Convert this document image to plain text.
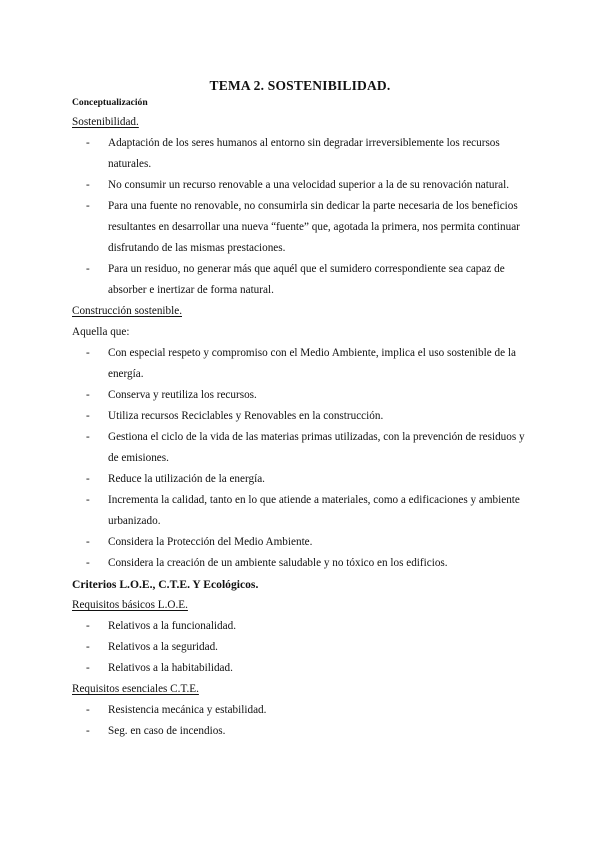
TEMA 2. SOSTENIBILIDAD.
Conceptualización
Sostenibilidad.
- Adaptación de los seres humanos al entorno sin degradar irreversiblemente los recursos naturales.
- No consumir un recurso renovable a una velocidad superior a la de su renovación natural.
- Para una fuente no renovable, no consumirla sin dedicar la parte necesaria de los beneficios resultantes en desarrollar una nueva “fuente” que, agotada la primera, nos permita continuar disfrutando de las mismas prestaciones.
- Para un residuo, no generar más que aquél que el sumidero correspondiente sea capaz de absorber e inertizar de forma natural.
Construcción sostenible.
Aquella que:
- Con especial respeto y compromiso con el Medio Ambiente, implica el uso sostenible de la energía.
- Conserva y reutiliza los recursos.
- Utiliza recursos Reciclables y Renovables en la construcción.
- Gestiona el ciclo de la vida de las materias primas utilizadas, con la prevención de residuos y de emisiones.
- Reduce la utilización de la energía.
- Incrementa la calidad, tanto en lo que atiende a materiales, como a edificaciones y ambiente urbanizado.
- Considera la Protección del Medio Ambiente.
- Considera la creación de un ambiente saludable y no tóxico en los edificios.
Criterios L.O.E., C.T.E. Y Ecológicos.
Requisitos básicos L.O.E.
- Relativos a la funcionalidad.
- Relativos a la seguridad.
- Relativos a la habitabilidad.
Requisitos esenciales C.T.E.
- Resistencia mecánica y estabilidad.
- Seg. en caso de incendios.
